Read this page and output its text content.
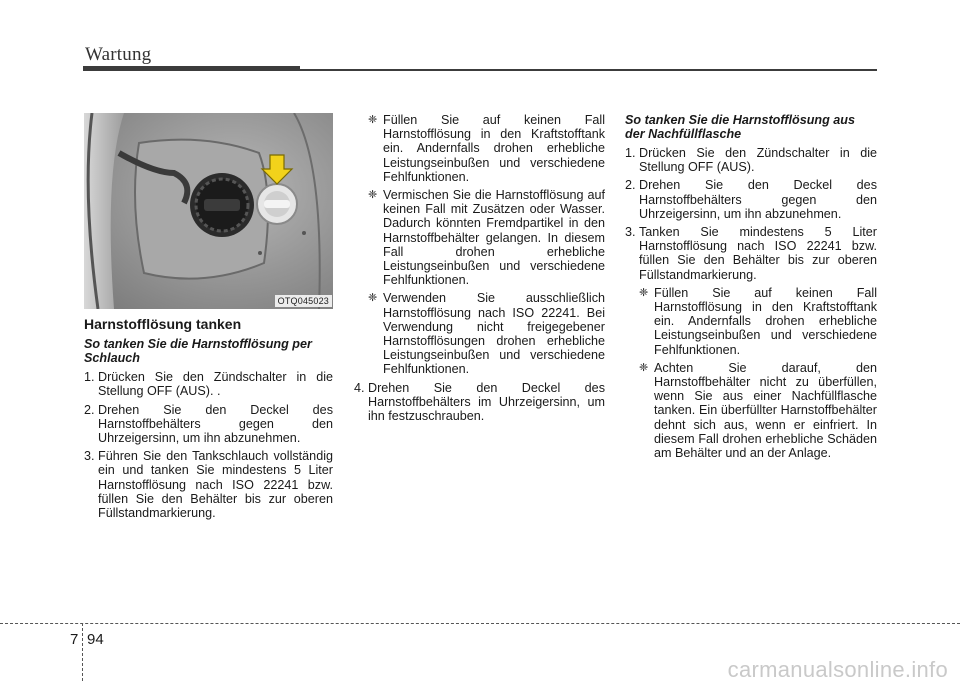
Wartung
OTQ045023
Harnstofflösung tanken
So tanken Sie die Harnstofflösung per Schlauch
1. Drücken Sie den Zündschalter in die Stellung OFF (AUS). .
2. Drehen Sie den Deckel des Harnstoffbehälters gegen den Uhrzeigersinn, um ihn abzunehmen.
3. Führen Sie den Tankschlauch vollständig ein und tanken Sie mindestens 5 Liter Harnstofflösung nach ISO 22241 bzw. füllen Sie den Behälter bis zur oberen Füllstandmarkierung.
❈ Füllen Sie auf keinen Fall Harnstofflösung in den Kraftstofftank ein. Andernfalls drohen erhebliche Leistungseinbußen und verschiedene Fehlfunktionen.
❈ Vermischen Sie die Harnstofflösung auf keinen Fall mit Zusätzen oder Wasser. Dadurch könnten Fremdpartikel in den Harnstoffbehälter gelangen. In diesem Fall drohen erhebliche Leistungseinbußen und verschiedene Fehlfunktionen.
❈ Verwenden Sie ausschließlich Harnstofflösung nach ISO 22241. Bei Verwendung nicht freigegebener Harnstofflösungen drohen erhebliche Leistungseinbußen und verschiedene Fehlfunktionen.
4. Drehen Sie den Deckel des Harnstoffbehälters im Uhrzeigersinn, um ihn festzuschrauben.
So tanken Sie die Harnstofflösung aus der Nachfüllflasche
1. Drücken Sie den Zündschalter in die Stellung OFF (AUS).
2. Drehen Sie den Deckel des Harnstoffbehälters gegen den Uhrzeigersinn, um ihn abzunehmen.
3. Tanken Sie mindestens 5 Liter Harnstofflösung nach ISO 22241 bzw. füllen Sie den Behälter bis zur oberen Füllstandmarkierung.
❈ Füllen Sie auf keinen Fall Harnstofflösung in den Kraftstofftank ein. Andernfalls drohen erhebliche Leistungseinbußen und verschiedene Fehlfunktionen.
❈ Achten Sie darauf, den Harnstoffbehälter nicht zu überfüllen, wenn Sie aus einer Nachfüllflasche tanken. Ein überfüllter Harnstoffbehälter dehnt sich aus, wenn er einfriert. In diesem Fall drohen erhebliche Schäden am Behälter und an der Anlage.
7 94
carmanualsonline.info
